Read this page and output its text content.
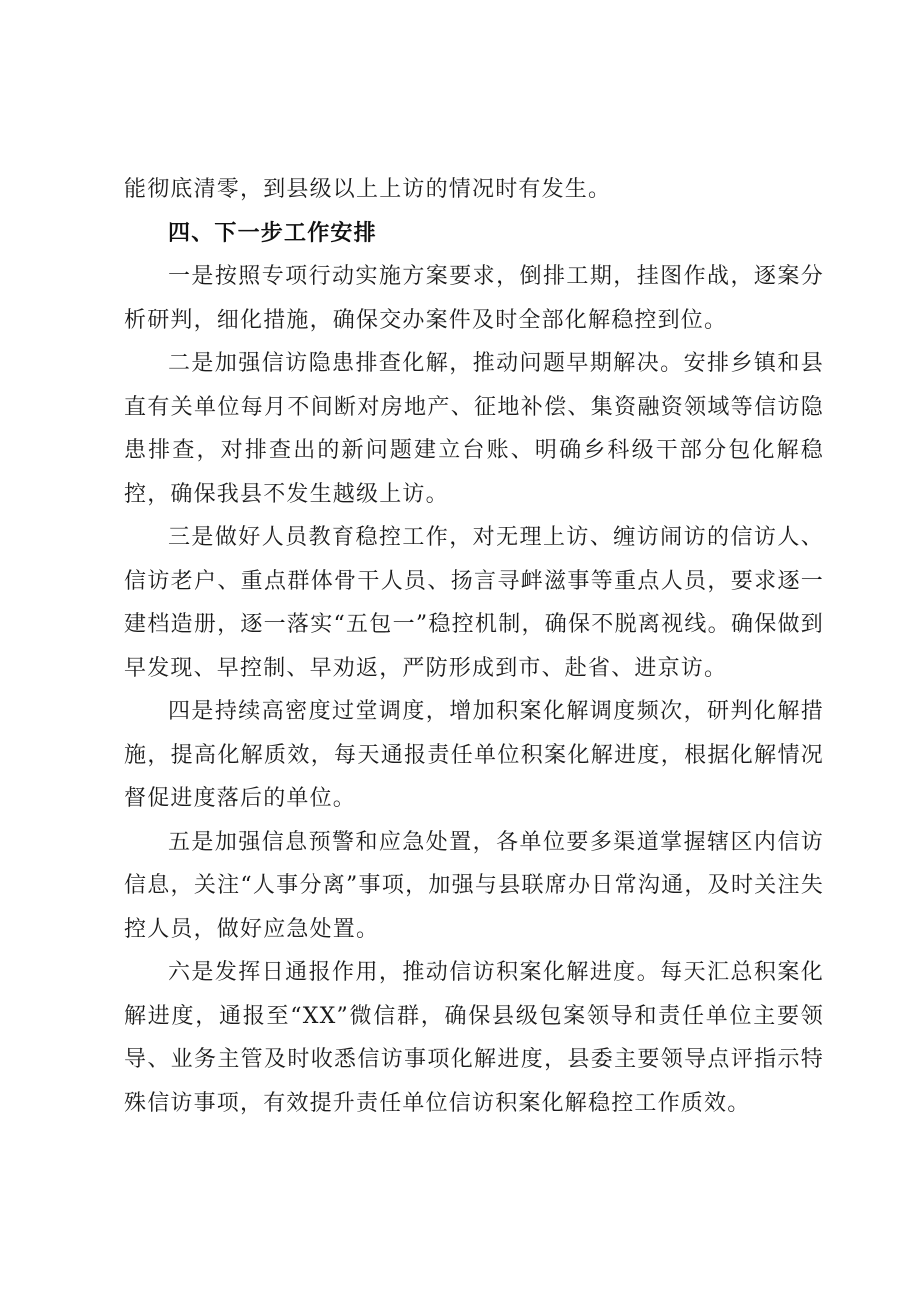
能彻底清零，到县级以上上访的情况时有发生。

四、下一步工作安排

一是按照专项行动实施方案要求，倒排工期，挂图作战，逐案分析研判，细化措施，确保交办案件及时全部化解稳控到位。

二是加强信访隐患排查化解，推动问题早期解决。安排乡镇和县直有关单位每月不间断对房地产、征地补偿、集资融资领域等信访隐患排查，对排查出的新问题建立台账、明确乡科级干部分包化解稳控，确保我县不发生越级上访。

三是做好人员教育稳控工作，对无理上访、缠访闹访的信访人、信访老户、重点群体骨干人员、扬言寻衅滋事等重点人员，要求逐一建档造册，逐一落实“五包一”稳控机制，确保不脱离视线。确保做到早发现、早控制、早劝返，严防形成到市、赴省、进京访。

四是持续高密度过堂调度，增加积案化解调度频次，研判化解措施，提高化解质效，每天通报责任单位积案化解进度，根据化解情况督促进度落后的单位。

五是加强信息预警和应急处置，各单位要多渠道掌握辖区内信访信息，关注“人事分离”事项，加强与县联席办日常沟通，及时关注失控人员，做好应急处置。

六是发挥日通报作用，推动信访积案化解进度。每天汇总积案化解进度，通报至“XX”微信群，确保县级包案领导和责任单位主要领导、业务主管及时收悉信访事项化解进度，县委主要领导点评指示特殊信访事项，有效提升责任单位信访积案化解稳控工作质效。
